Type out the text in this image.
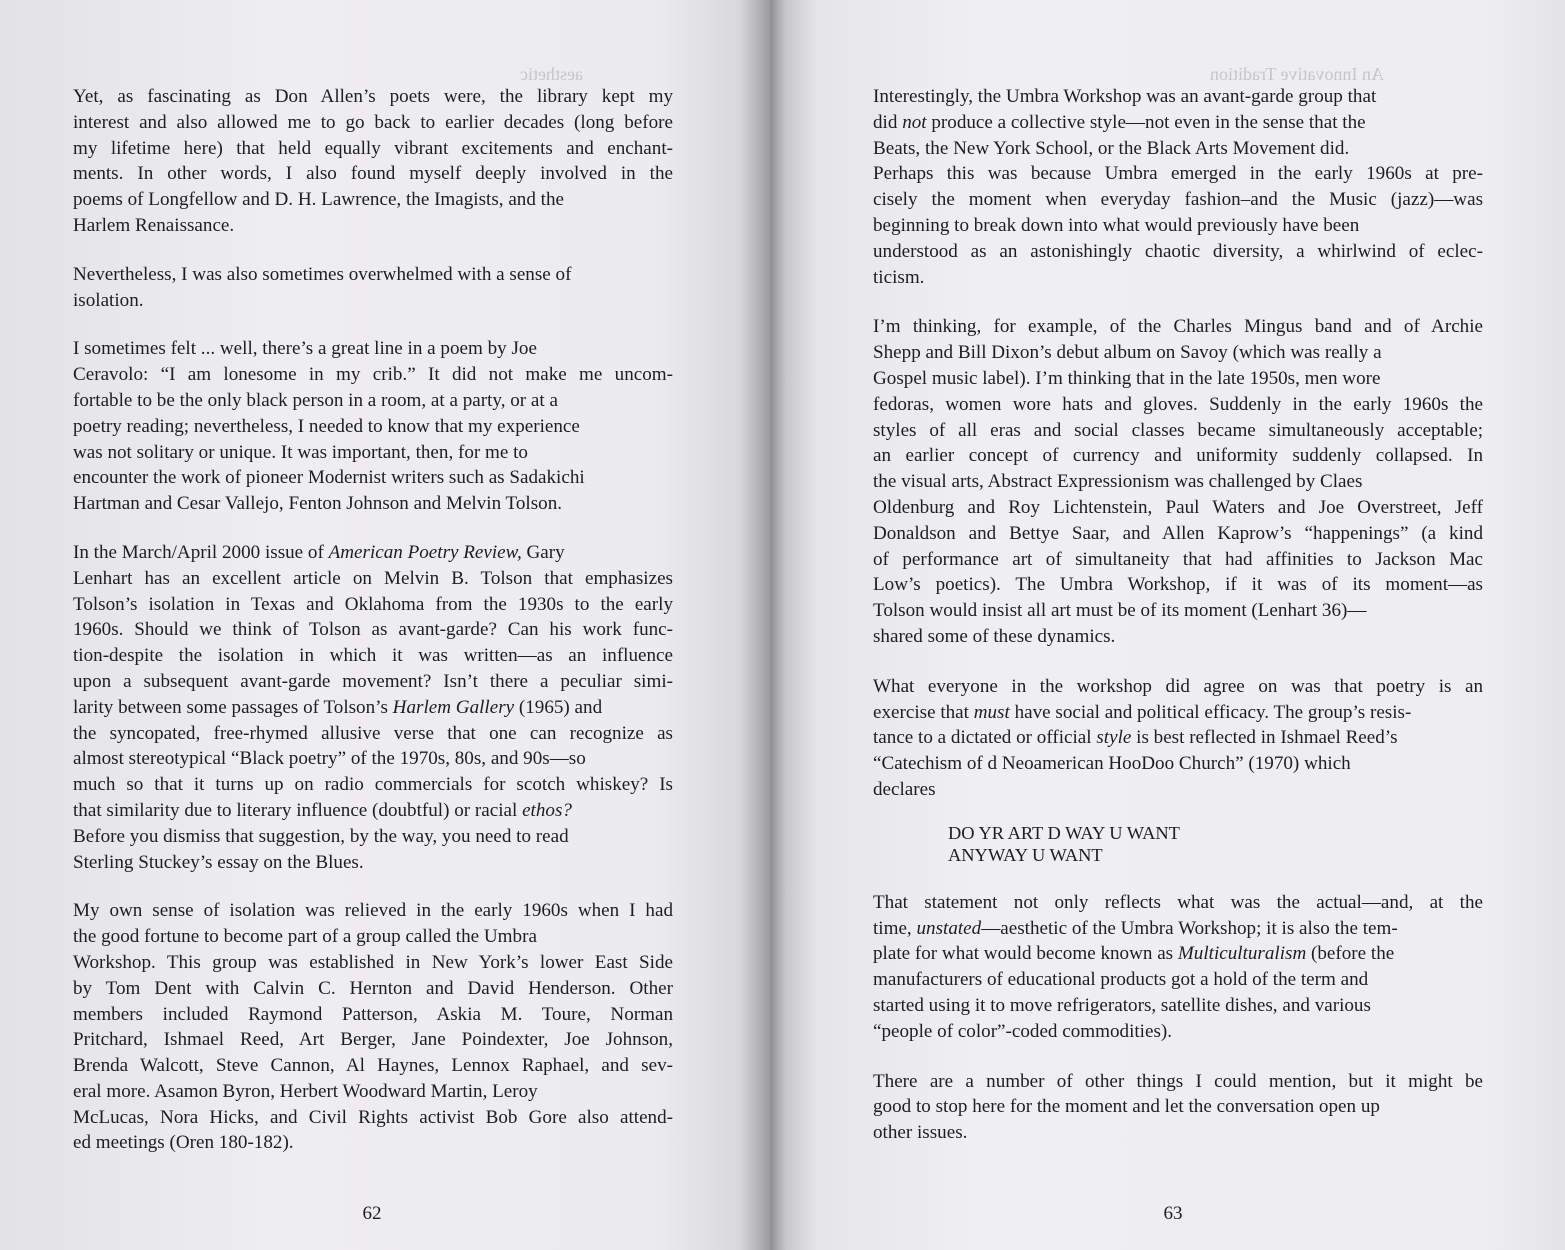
aesthetic

Yet, as fascinating as Don Allen’s poets were, the library kept my
interest and also allowed me to go back to earlier decades (long before
my lifetime here) that held equally vibrant excitements and enchant-
ments. In other words, I also found myself deeply involved in the
poems of Longfellow and D. H. Lawrence, the Imagists, and the
Harlem Renaissance.

Nevertheless, I was also sometimes overwhelmed with a sense of
isolation.

I sometimes felt ... well, there’s a great line in a poem by Joe
Ceravolo: “I am lonesome in my crib.” It did not make me uncom-
fortable to be the only black person in a room, at a party, or at a
poetry reading; nevertheless, I needed to know that my experience
was not solitary or unique. It was important, then, for me to
encounter the work of pioneer Modernist writers such as Sadakichi
Hartman and Cesar Vallejo, Fenton Johnson and Melvin Tolson.

In the March/April 2000 issue of American Poetry Review, Gary
Lenhart has an excellent article on Melvin B. Tolson that emphasizes
Tolson’s isolation in Texas and Oklahoma from the 1930s to the early
1960s. Should we think of Tolson as avant-garde? Can his work func-
tion-despite the isolation in which it was written—as an influence
upon a subsequent avant-garde movement? Isn’t there a peculiar simi-
larity between some passages of Tolson’s Harlem Gallery (1965) and
the syncopated, free-rhymed allusive verse that one can recognize as
almost stereotypical “Black poetry” of the 1970s, 80s, and 90s—so
much so that it turns up on radio commercials for scotch whiskey? Is
that similarity due to literary influence (doubtful) or racial ethos?
Before you dismiss that suggestion, by the way, you need to read
Sterling Stuckey’s essay on the Blues.

My own sense of isolation was relieved in the early 1960s when I had
the good fortune to become part of a group called the Umbra
Workshop. This group was established in New York’s lower East Side
by Tom Dent with Calvin C. Hernton and David Henderson. Other
members included Raymond Patterson, Askia M. Toure, Norman
Pritchard, Ishmael Reed, Art Berger, Jane Poindexter, Joe Johnson,
Brenda Walcott, Steve Cannon, Al Haynes, Lennox Raphael, and sev-
eral more. Asamon Byron, Herbert Woodward Martin, Leroy
McLucas, Nora Hicks, and Civil Rights activist Bob Gore also attend-
ed meetings (Oren 180-182).

62
An Innovative Tradition

Interestingly, the Umbra Workshop was an avant-garde group that
did not produce a collective style—not even in the sense that the
Beats, the New York School, or the Black Arts Movement did.
Perhaps this was because Umbra emerged in the early 1960s at pre-
cisely the moment when everyday fashion–and the Music (jazz)—was
beginning to break down into what would previously have been
understood as an astonishingly chaotic diversity, a whirlwind of eclec-
ticism.

I’m thinking, for example, of the Charles Mingus band and of Archie
Shepp and Bill Dixon’s debut album on Savoy (which was really a
Gospel music label). I’m thinking that in the late 1950s, men wore
fedoras, women wore hats and gloves. Suddenly in the early 1960s the
styles of all eras and social classes became simultaneously acceptable;
an earlier concept of currency and uniformity suddenly collapsed. In
the visual arts, Abstract Expressionism was challenged by Claes
Oldenburg and Roy Lichtenstein, Paul Waters and Joe Overstreet, Jeff
Donaldson and Bettye Saar, and Allen Kaprow’s “happenings” (a kind
of performance art of simultaneity that had affinities to Jackson Mac
Low’s poetics). The Umbra Workshop, if it was of its moment—as
Tolson would insist all art must be of its moment (Lenhart 36)—
shared some of these dynamics.

What everyone in the workshop did agree on was that poetry is an
exercise that must have social and political efficacy. The group’s resis-
tance to a dictated or official style is best reflected in Ishmael Reed’s
“Catechism of d Neoamerican HooDoo Church” (1970) which
declares

DO YR ART D WAY U WANT
ANYWAY U WANT

That statement not only reflects what was the actual—and, at the
time, unstated—aesthetic of the Umbra Workshop; it is also the tem-
plate for what would become known as Multiculturalism (before the
manufacturers of educational products got a hold of the term and
started using it to move refrigerators, satellite dishes, and various
“people of color”-coded commodities).

There are a number of other things I could mention, but it might be
good to stop here for the moment and let the conversation open up
other issues.

63
